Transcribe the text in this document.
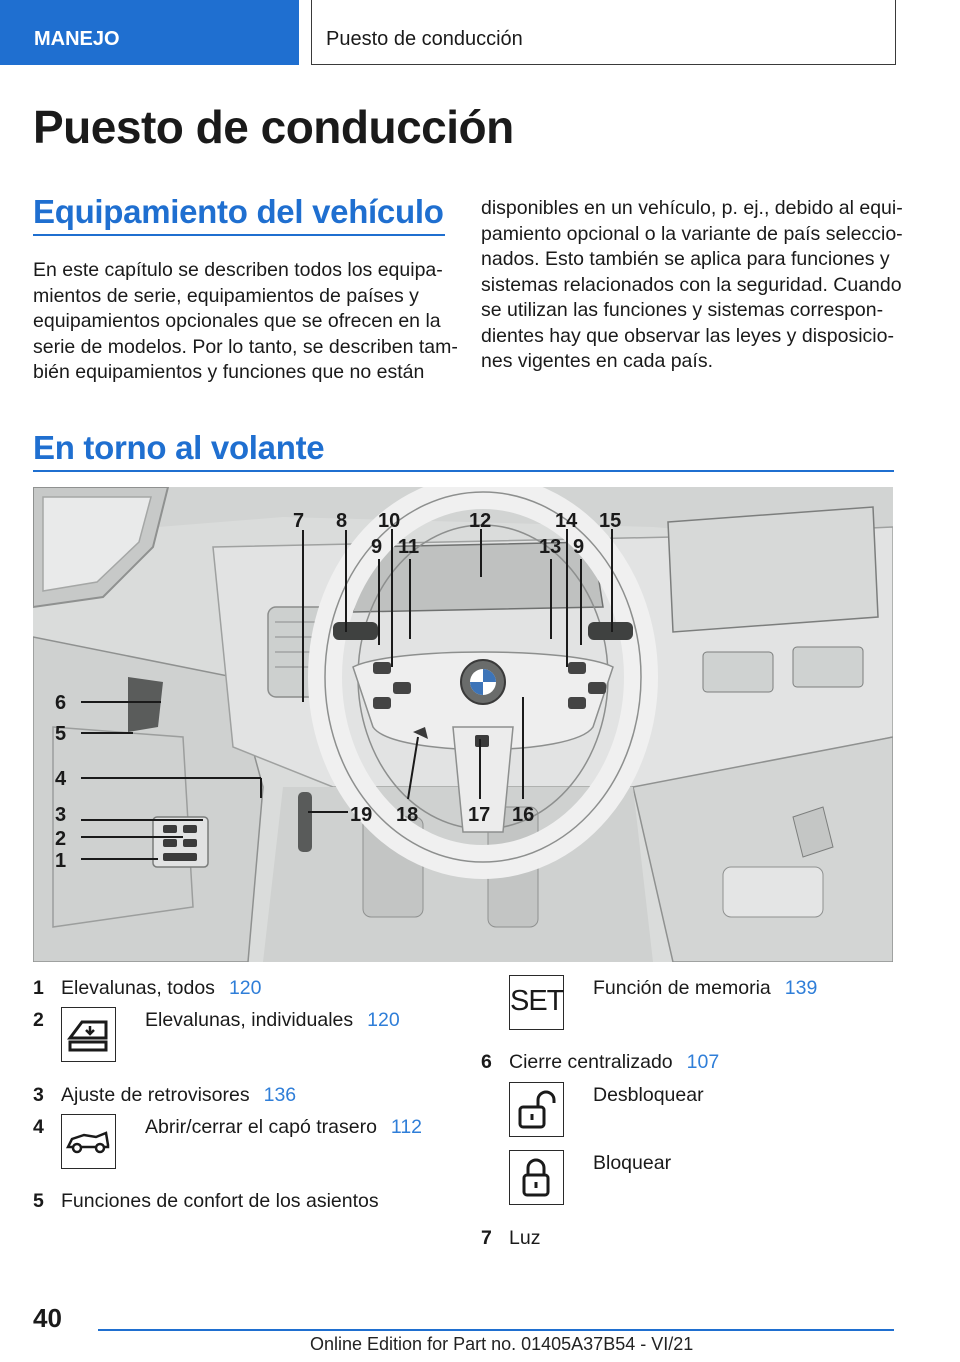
MANEJO	Puesto de conducción
Puesto de conducción
Equipamiento del vehículo
En este capítulo se describen todos los equipa-
mientos de serie, equipamientos de países y
equipamientos opcionales que se ofrecen en la
serie de modelos. Por lo tanto, se describen tam-
bién equipamientos y funciones que no están
disponibles en un vehículo, p. ej., debido al equi-
pamiento opcional o la variante de país seleccio-
nados. Esto también se aplica para funciones y
sistemas relacionados con la seguridad. Cuando
se utilizan las funciones y sistemas correspon-
dientes hay que observar las leyes y disposicio-
nes vigentes en cada país.
En torno al volante
1
2
3
4
5
6
7 8
9
10
11
12
13
14 15
9
16
17
18
19
1 Elevalunas, todos 120
2	Elevalunas, individuales 120
3 Ajuste de retrovisores 136
4	Abrir/cerrar el capó trasero 112
5 Funciones de confort de los asientos
SET Función de memoria 139
6 Cierre centralizado 107
Desbloquear
Bloquear
7 Luz
40
Online Edition for Part no. 01405A37B54 - VI/21
